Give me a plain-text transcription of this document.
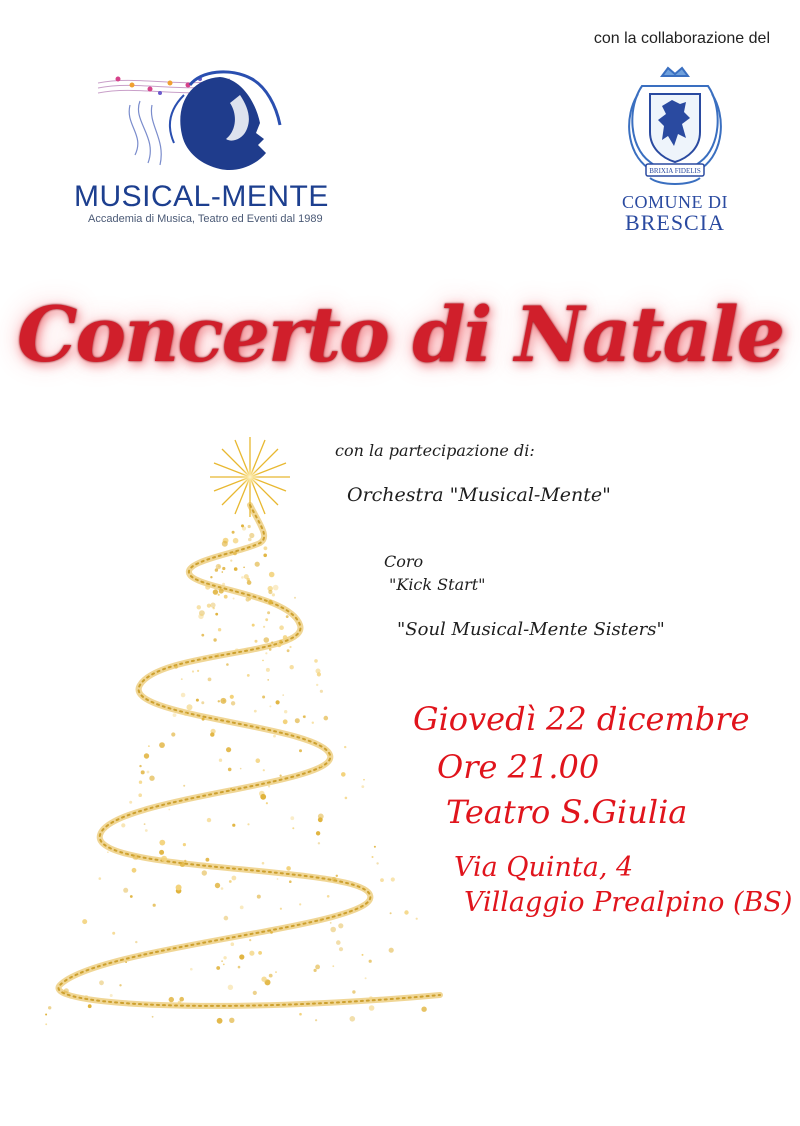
con la collaborazione del
MUSICAL-MENTE
Accademia di Musica, Teatro ed Eventi dal 1989
BRIXIA FIDELIS
COMUNE DI
BRESCIA
Concerto di Natale
con la partecipazione di:
Orchestra "Musical-Mente"
Coro
"Kick Start"
"Soul Musical-Mente Sisters"
Giovedì 22 dicembre
Ore 21.00
Teatro S.Giulia
Via Quinta, 4
Villaggio Prealpino (BS)
